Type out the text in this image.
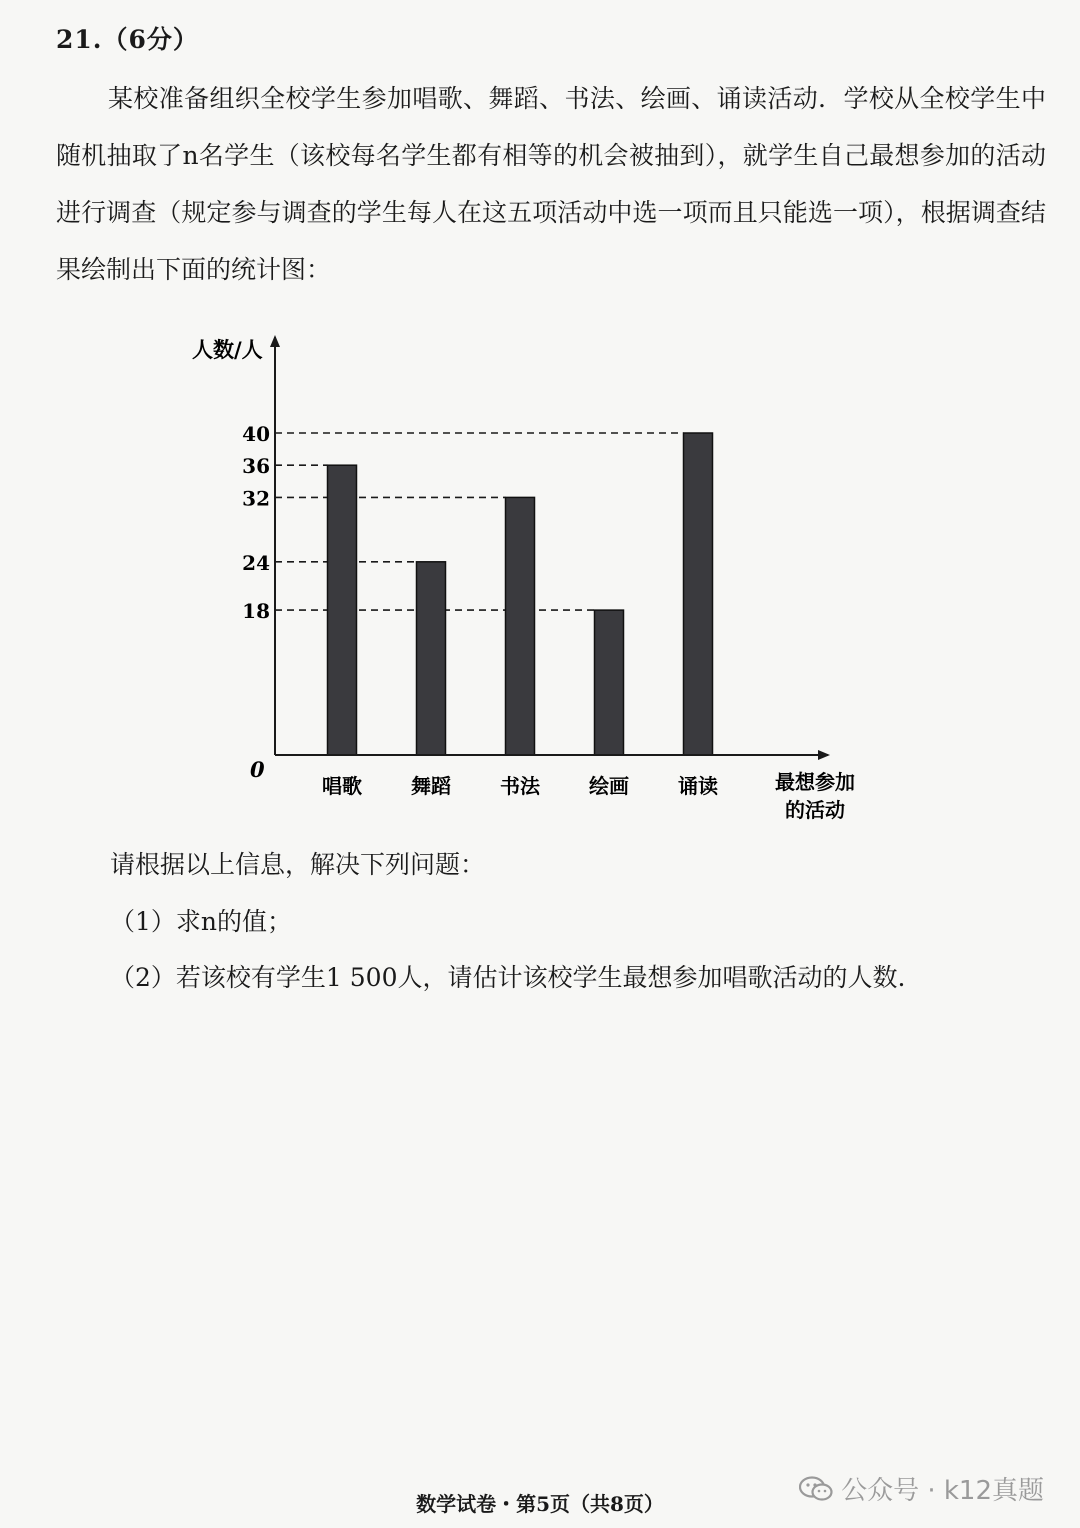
21.（6分）
某校准备组织全校学生参加唱歌、舞蹈、书法、绘画、诵读活动．学校从全校学生中随机抽取了n名学生（该校每名学生都有相等的机会被抽到），就学生自己最想参加的活动进行调查（规定参与调查的学生每人在这五项活动中选一项而且只能选一项），根据调查结果绘制出下面的统计图：
人数/人
0	最想参加
的活动
40
36
32
24
18
唱歌 舞蹈 书法 绘画 诵读
请根据以上信息，解决下列问题：
（1）求n的值；
（2）若该校有学生1 500人，请估计该校学生最想参加唱歌活动的人数.
数学试卷・第5页（共8页）	公众号 · k12真题
